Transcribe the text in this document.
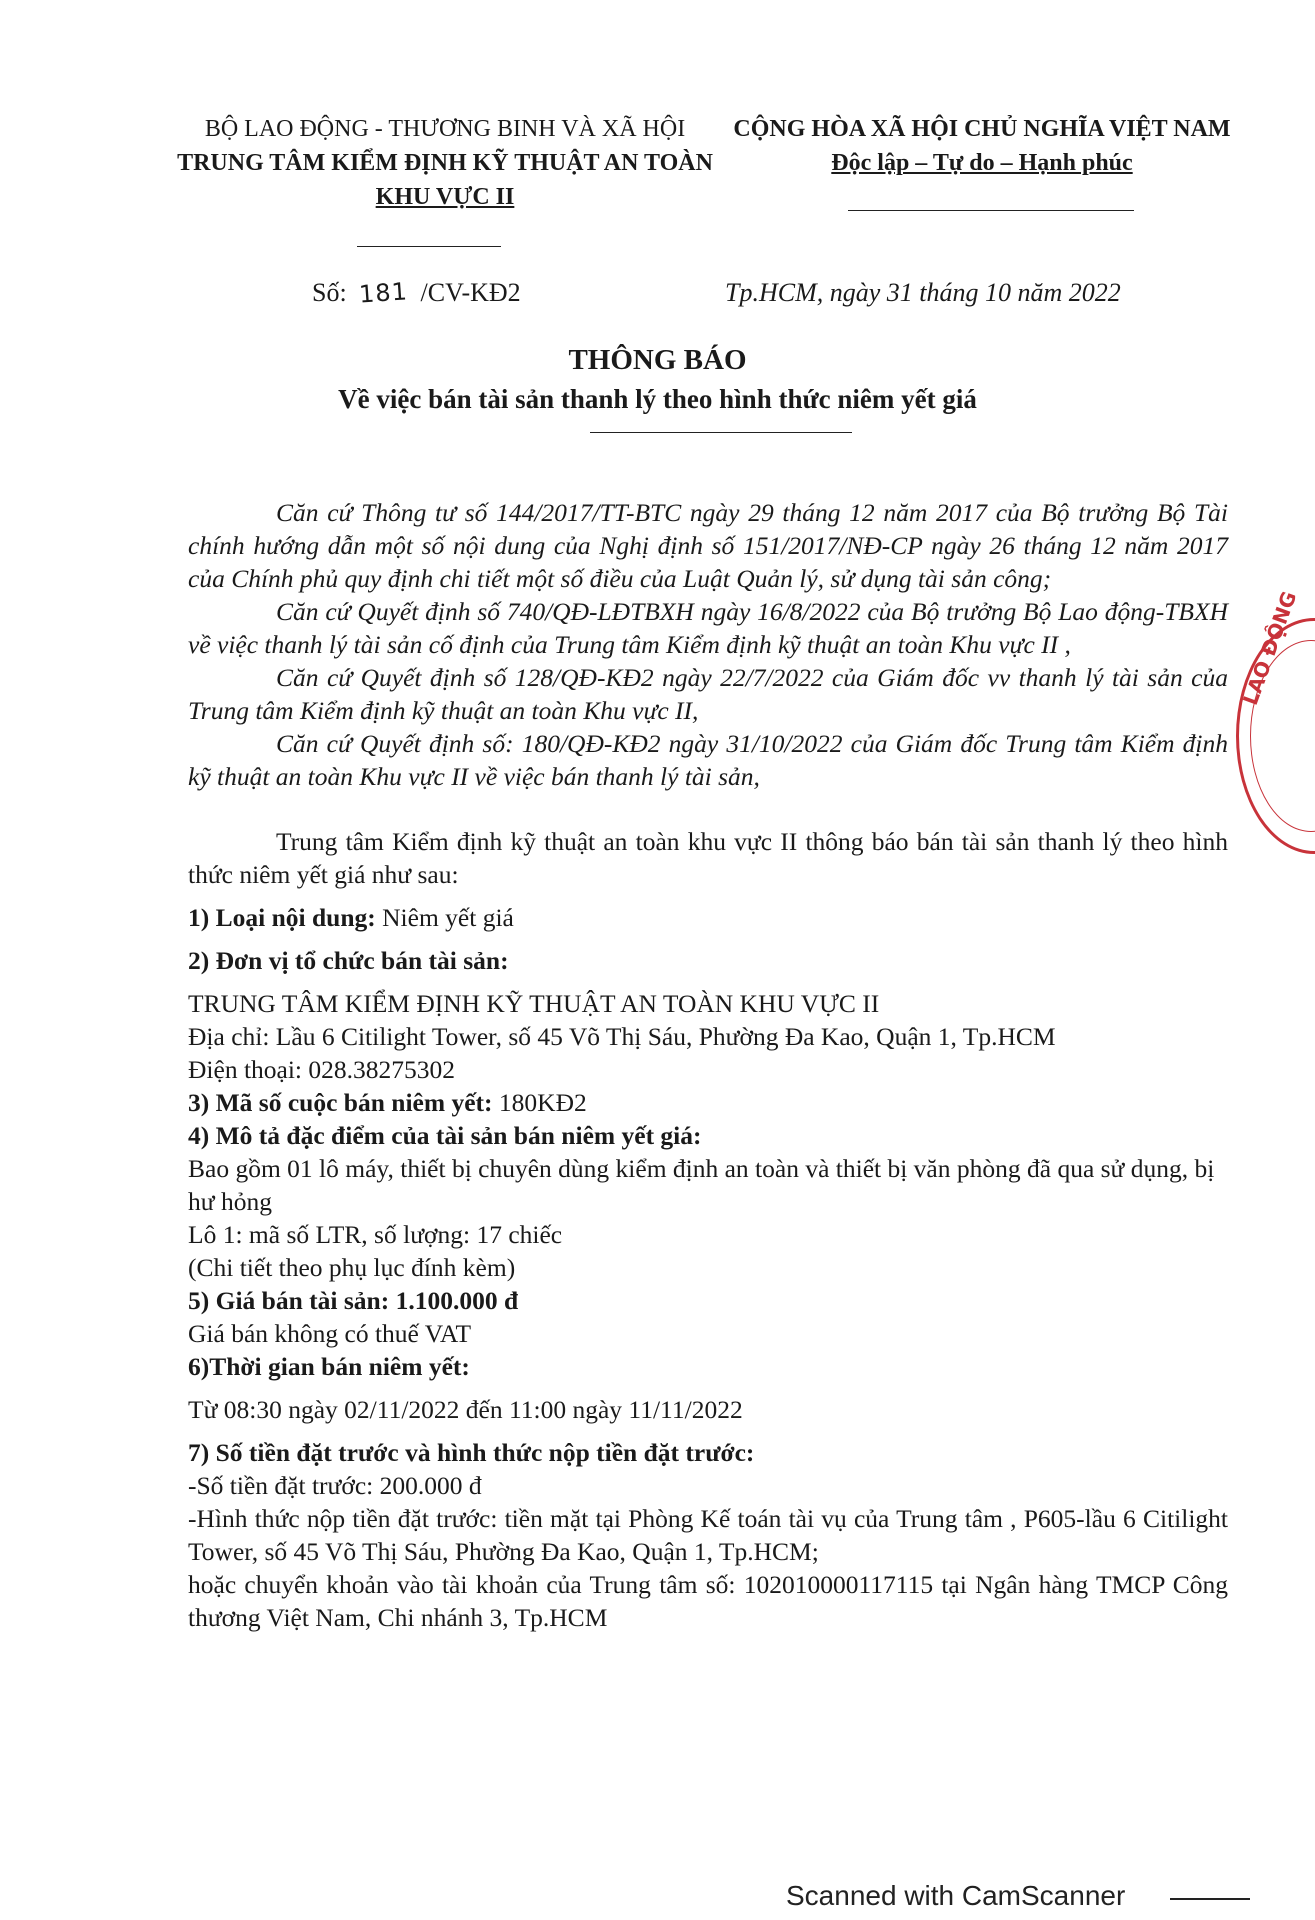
BỘ LAO ĐỘNG - THƯƠNG BINH VÀ XÃ HỘI
TRUNG TÂM KIỂM ĐỊNH KỸ THUẬT AN TOÀN
KHU VỰC II
CỘNG HÒA XÃ HỘI CHỦ NGHĨA VIỆT NAM
Độc lập – Tự do – Hạnh phúc
Số: 181 /CV-KĐ2	Tp.HCM, ngày 31 tháng 10 năm 2022
THÔNG BÁO
Về việc bán tài sản thanh lý theo hình thức niêm yết giá

Căn cứ Thông tư số 144/2017/TT-BTC ngày 29 tháng 12 năm 2017 của Bộ trưởng Bộ Tài chính hướng dẫn một số nội dung của Nghị định số 151/2017/NĐ-CP ngày 26 tháng 12 năm 2017 của Chính phủ quy định chi tiết một số điều của Luật Quản lý, sử dụng tài sản công;

Căn cứ Quyết định số 740/QĐ-LĐTBXH ngày 16/8/2022 của Bộ trưởng Bộ Lao động-TBXH về việc thanh lý tài sản cố định của Trung tâm Kiểm định kỹ thuật an toàn Khu vực II ,

Căn cứ Quyết định số 128/QĐ-KĐ2 ngày 22/7/2022 của Giám đốc vv thanh lý tài sản của Trung tâm Kiểm định kỹ thuật an toàn Khu vực II,

Căn cứ Quyết định số: 180/QĐ-KĐ2 ngày 31/10/2022 của Giám đốc Trung tâm Kiểm định kỹ thuật an toàn Khu vực II về việc bán thanh lý tài sản,

Trung tâm Kiểm định kỹ thuật an toàn khu vực II thông báo bán tài sản thanh lý theo hình thức niêm yết giá như sau:

1) Loại nội dung: Niêm yết giá

2) Đơn vị tổ chức bán tài sản:

TRUNG TÂM KIỂM ĐỊNH KỸ THUẬT AN TOÀN KHU VỰC II

Địa chỉ: Lầu 6 Citilight Tower, số 45 Võ Thị Sáu, Phường Đa Kao, Quận 1, Tp.HCM

Điện thoại: 028.38275302

3) Mã số cuộc bán niêm yết: 180KĐ2

4) Mô tả đặc điểm của tài sản bán niêm yết giá:

Bao gồm 01 lô máy, thiết bị chuyên dùng kiểm định an toàn và thiết bị văn phòng đã qua sử dụng, bị hư hỏng

Lô 1: mã số LTR, số lượng: 17 chiếc

(Chi tiết theo phụ lục đính kèm)

5) Giá bán tài sản: 1.100.000 đ

Giá bán không có thuế VAT

6)Thời gian bán niêm yết:

Từ 08:30 ngày 02/11/2022 đến 11:00 ngày 11/11/2022

7) Số tiền đặt trước và hình thức nộp tiền đặt trước:

-Số tiền đặt trước: 200.000 đ

-Hình thức nộp tiền đặt trước: tiền mặt tại Phòng Kế toán tài vụ của Trung tâm , P605-lầu 6 Citilight Tower, số 45 Võ Thị Sáu, Phường Đa Kao, Quận 1, Tp.HCM;

hoặc chuyển khoản vào tài khoản của Trung tâm số: 102010000117115 tại Ngân hàng TMCP Công thương Việt Nam, Chi nhánh 3, Tp.HCM

LAO ĐỘNG
Scanned with CamScanner
